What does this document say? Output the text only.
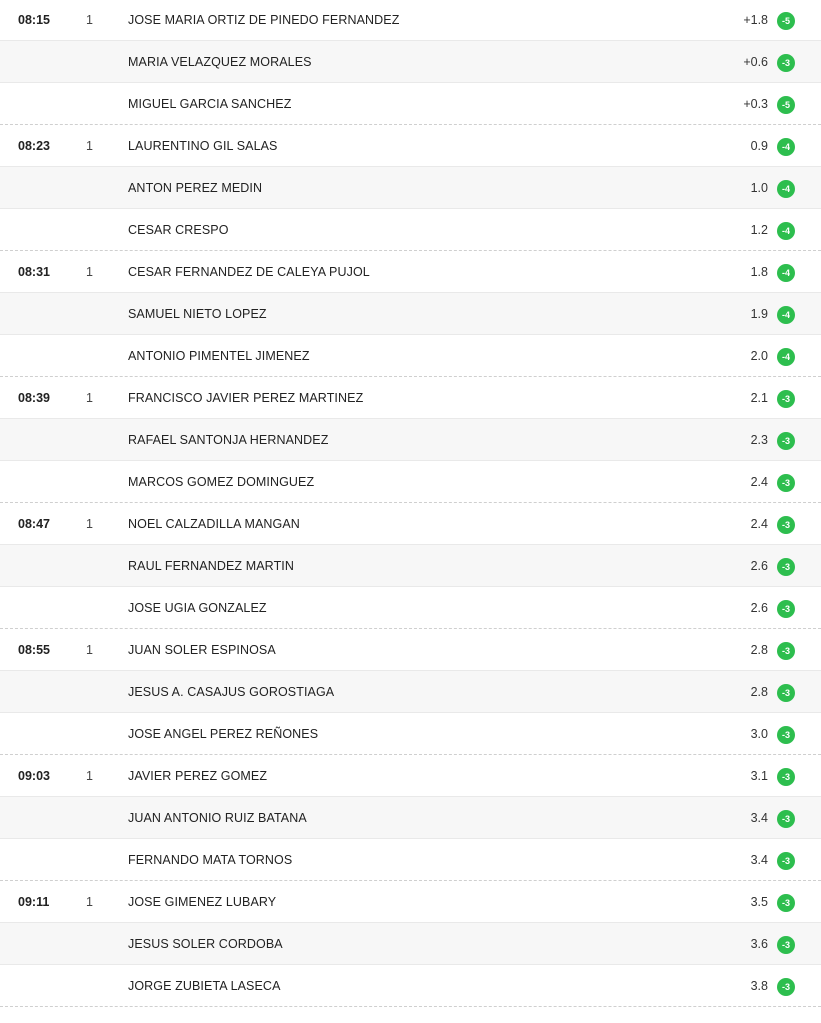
08:15	1	JOSE MARIA ORTIZ DE PINEDO FERNANDEZ	+1.8	-5
MARIA VELAZQUEZ MORALES	+0.6	-3
MIGUEL GARCIA SANCHEZ	+0.3	-5
08:23	1	LAURENTINO GIL SALAS	0.9	-4
ANTON PEREZ MEDIN	1.0	-4
CESAR CRESPO	1.2	-4
08:31	1	CESAR FERNANDEZ DE CALEYA PUJOL	1.8	-4
SAMUEL NIETO LOPEZ	1.9	-4
ANTONIO PIMENTEL JIMENEZ	2.0	-4
08:39	1	FRANCISCO JAVIER PEREZ MARTINEZ	2.1	-3
RAFAEL SANTONJA HERNANDEZ	2.3	-3
MARCOS GOMEZ DOMINGUEZ	2.4	-3
08:47	1	NOEL CALZADILLA MANGAN	2.4	-3
RAUL FERNANDEZ MARTIN	2.6	-3
JOSE UGIA GONZALEZ	2.6	-3
08:55	1	JUAN SOLER ESPINOSA	2.8	-3
JESUS A. CASAJUS GOROSTIAGA	2.8	-3
JOSE ANGEL PEREZ REÑONES	3.0	-3
09:03	1	JAVIER PEREZ GOMEZ	3.1	-3
JUAN ANTONIO RUIZ BATANA	3.4	-3
FERNANDO MATA TORNOS	3.4	-3
09:11	1	JOSE GIMENEZ LUBARY	3.5	-3
JESUS SOLER CORDOBA	3.6	-3
JORGE ZUBIETA LASECA	3.8	-3
